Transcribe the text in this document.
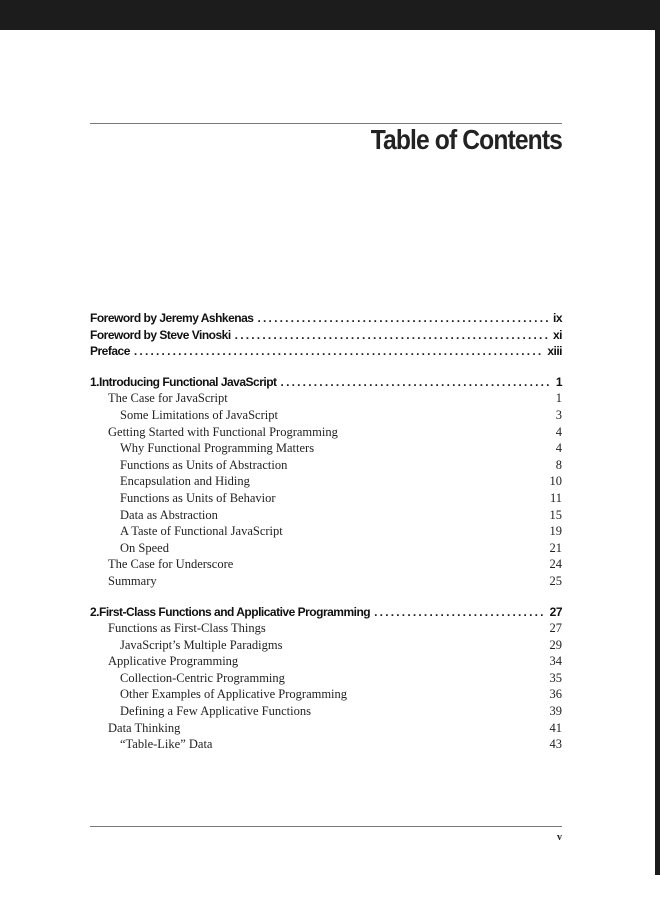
Table of Contents
Foreword by Jeremy Ashkenas .....	ix
Foreword by Steve Vinoski .....	xi
Preface .....	xiii
1. Introducing Functional JavaScript .....	1
The Case for JavaScript	1
Some Limitations of JavaScript	3
Getting Started with Functional Programming	4
Why Functional Programming Matters	4
Functions as Units of Abstraction	8
Encapsulation and Hiding	10
Functions as Units of Behavior	11
Data as Abstraction	15
A Taste of Functional JavaScript	19
On Speed	21
The Case for Underscore	24
Summary	25
2. First-Class Functions and Applicative Programming .....	27
Functions as First-Class Things	27
JavaScript’s Multiple Paradigms	29
Applicative Programming	34
Collection-Centric Programming	35
Other Examples of Applicative Programming	36
Defining a Few Applicative Functions	39
Data Thinking	41
“Table-Like” Data	43
v
